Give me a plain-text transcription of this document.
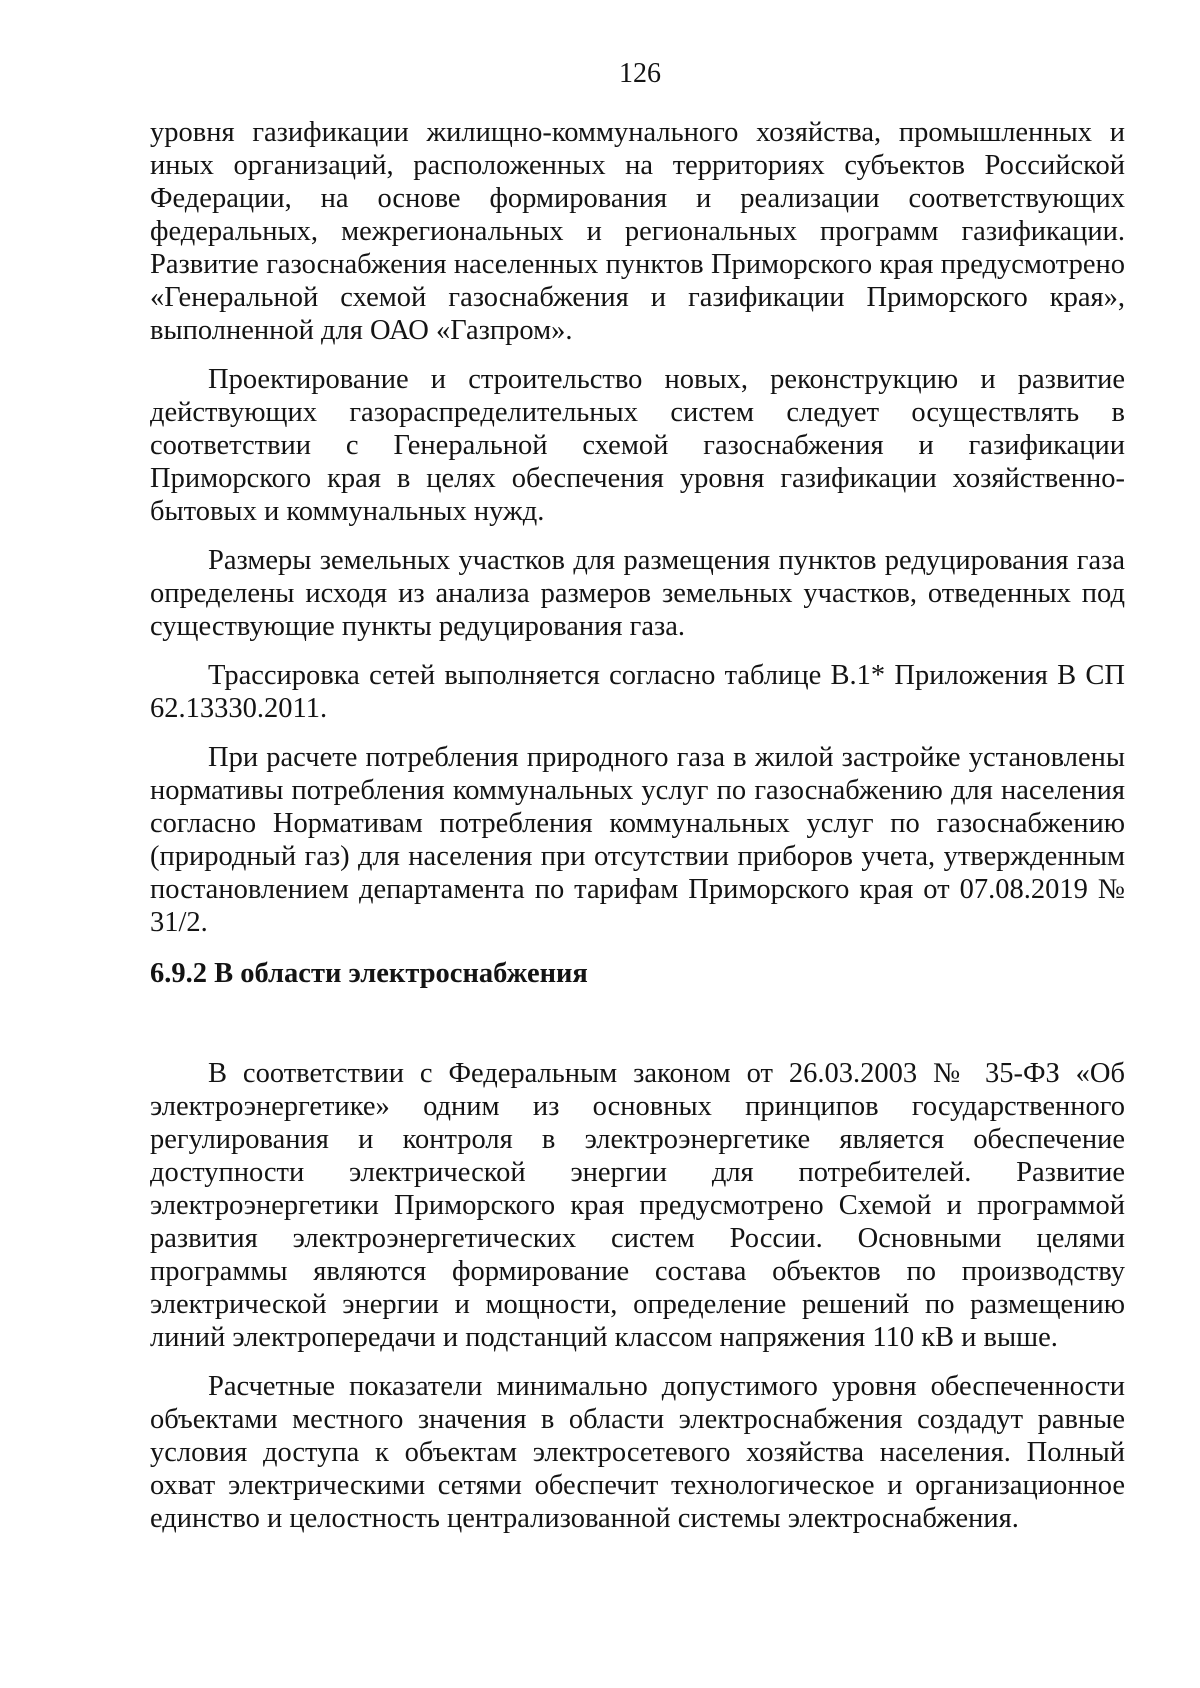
126

уровня газификации жилищно-коммунального хозяйства, промышленных и иных организаций, расположенных на территориях субъектов Российской Федерации, на основе формирования и реализации соответствующих федеральных, межрегиональных и региональных программ газификации. Развитие газоснабжения населенных пунктов Приморского края предусмотрено «Генеральной схемой газоснабжения и газификации Приморского края», выполненной для ОАО «Газпром».

Проектирование и строительство новых, реконструкцию и развитие действующих газораспределительных систем следует осуществлять в соответствии с Генеральной схемой газоснабжения и газификации Приморского края в целях обеспечения уровня газификации хозяйственно-бытовых и коммунальных нужд.

Размеры земельных участков для размещения пунктов редуцирования газа определены исходя из анализа размеров земельных участков, отведенных под существующие пункты редуцирования газа.

Трассировка сетей выполняется согласно таблице В.1* Приложения В СП 62.13330.2011.

При расчете потребления природного газа в жилой застройке установлены нормативы потребления коммунальных услуг по газоснабжению для населения согласно Нормативам потребления коммунальных услуг по газоснабжению (природный газ) для населения при отсутствии приборов учета, утвержденным постановлением департамента по тарифам Приморского края от 07.08.2019 № 31/2.

6.9.2 В области электроснабжения

В соответствии с Федеральным законом от 26.03.2003 № 35-ФЗ «Об электроэнергетике» одним из основных принципов государственного регулирования и контроля в электроэнергетике является обеспечение доступности электрической энергии для потребителей. Развитие электроэнергетики Приморского края предусмотрено Схемой и программой развития электроэнергетических систем России. Основными целями программы являются формирование состава объектов по производству электрической энергии и мощности, определение решений по размещению линий электропередачи и подстанций классом напряжения 110 кВ и выше.

Расчетные показатели минимально допустимого уровня обеспеченности объектами местного значения в области электроснабжения создадут равные условия доступа к объектам электросетевого хозяйства населения. Полный охват электрическими сетями обеспечит технологическое и организационное единство и целостность централизованной системы электроснабжения.
